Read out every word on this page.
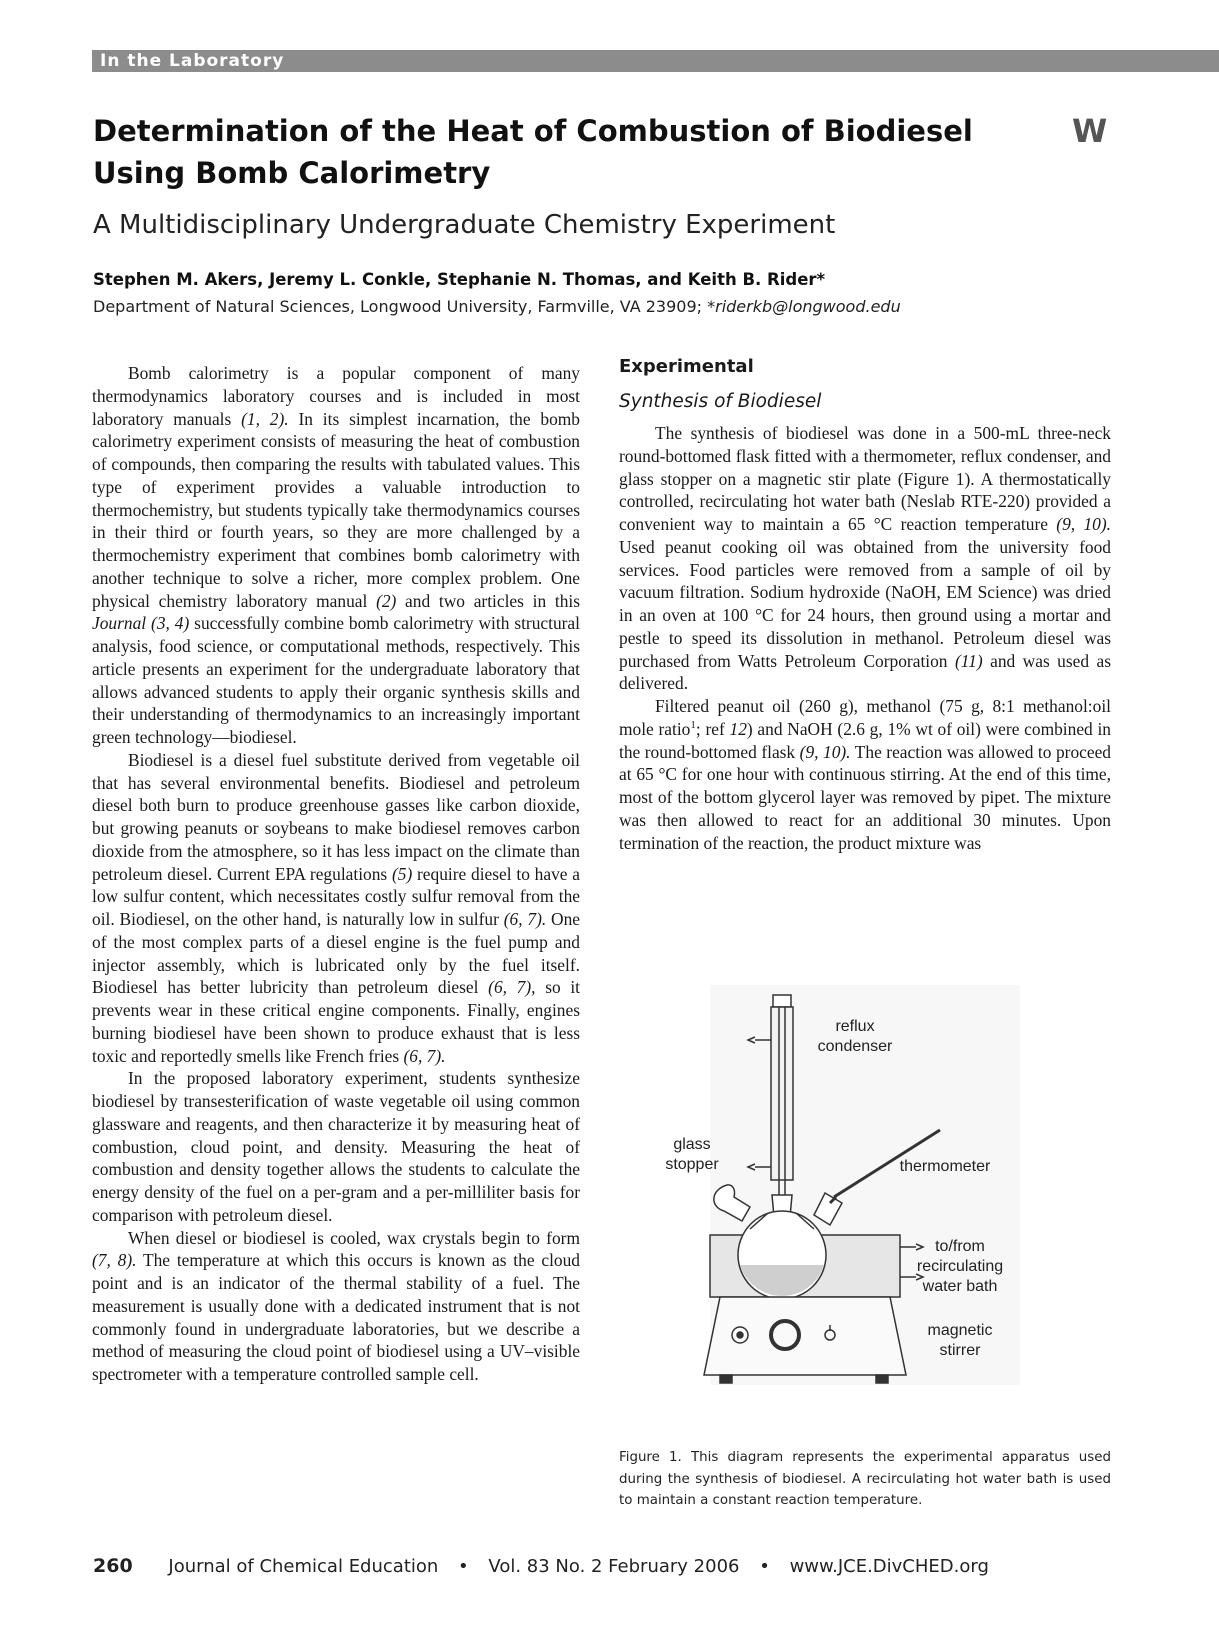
In the Laboratory
Determination of the Heat of Combustion of Biodiesel
Using Bomb Calorimetry
W
A Multidisciplinary Undergraduate Chemistry Experiment
Stephen M. Akers, Jeremy L. Conkle, Stephanie N. Thomas, and Keith B. Rider*
Department of Natural Sciences, Longwood University, Farmville, VA 23909; *riderkb@longwood.edu

Bomb calorimetry is a popular component of many thermodynamics laboratory courses and is included in most laboratory manuals (1, 2). In its simplest incarnation, the bomb calorimetry experiment consists of measuring the heat of combustion of compounds, then comparing the results with tabulated values. This type of experiment provides a valuable introduction to thermochemistry, but students typically take thermodynamics courses in their third or fourth years, so they are more challenged by a thermochemistry experiment that combines bomb calorimetry with another technique to solve a richer, more complex problem. One physical chemistry laboratory manual (2) and two articles in this Journal (3, 4) successfully combine bomb calorimetry with structural analysis, food science, or computational methods, respectively. This article presents an experiment for the undergraduate laboratory that allows advanced students to apply their organic synthesis skills and their understanding of thermodynamics to an increasingly important green technology—biodiesel.

Biodiesel is a diesel fuel substitute derived from vegetable oil that has several environmental benefits. Biodiesel and petroleum diesel both burn to produce greenhouse gasses like carbon dioxide, but growing peanuts or soybeans to make biodiesel removes carbon dioxide from the atmosphere, so it has less impact on the climate than petroleum diesel. Current EPA regulations (5) require diesel to have a low sulfur content, which necessitates costly sulfur removal from the oil. Biodiesel, on the other hand, is naturally low in sulfur (6, 7). One of the most complex parts of a diesel engine is the fuel pump and injector assembly, which is lubricated only by the fuel itself. Biodiesel has better lubricity than petroleum diesel (6, 7), so it prevents wear in these critical engine components. Finally, engines burning biodiesel have been shown to produce exhaust that is less toxic and reportedly smells like French fries (6, 7).

In the proposed laboratory experiment, students synthesize biodiesel by transesterification of waste vegetable oil using common glassware and reagents, and then characterize it by measuring heat of combustion, cloud point, and density. Measuring the heat of combustion and density together allows the students to calculate the energy density of the fuel on a per-gram and a per-milliliter basis for comparison with petroleum diesel.

When diesel or biodiesel is cooled, wax crystals begin to form (7, 8). The temperature at which this occurs is known as the cloud point and is an indicator of the thermal stability of a fuel. The measurement is usually done with a dedicated instrument that is not commonly found in undergraduate laboratories, but we describe a method of measuring the cloud point of biodiesel using a UV–visible spectrometer with a temperature controlled sample cell.

Experimental
Synthesis of Biodiesel

The synthesis of biodiesel was done in a 500-mL three-neck round-bottomed flask fitted with a thermometer, reflux condenser, and glass stopper on a magnetic stir plate (Figure 1). A thermostatically controlled, recirculating hot water bath (Neslab RTE-220) provided a convenient way to maintain a 65 °C reaction temperature (9, 10). Used peanut cooking oil was obtained from the university food services. Food particles were removed from a sample of oil by vacuum filtration. Sodium hydroxide (NaOH, EM Science) was dried in an oven at 100 °C for 24 hours, then ground using a mortar and pestle to speed its dissolution in methanol. Petroleum diesel was purchased from Watts Petroleum Corporation (11) and was used as delivered.

Filtered peanut oil (260 g), methanol (75 g, 8:1 methanol:oil mole ratio$^1$; ref 12) and NaOH (2.6 g, 1% wt of oil) were combined in the round-bottomed flask (9, 10). The reaction was allowed to proceed at 65 °C for one hour with continuous stirring. At the end of this time, most of the bottom glycerol layer was removed by pipet. The mixture was then allowed to react for an additional 30 minutes. Upon termination of the reaction, the product mixture was

reflux
condenser
glass
stopper	thermometer
to/from
recirculating
water bath
magnetic
stirrer

Figure 1. This diagram represents the experimental apparatus used during the synthesis of biodiesel. A recirculating hot water bath is used to maintain a constant reaction temperature.

260 Journal of Chemical Education • Vol. 83 No. 2 February 2006 • www.JCE.DivCHED.org
